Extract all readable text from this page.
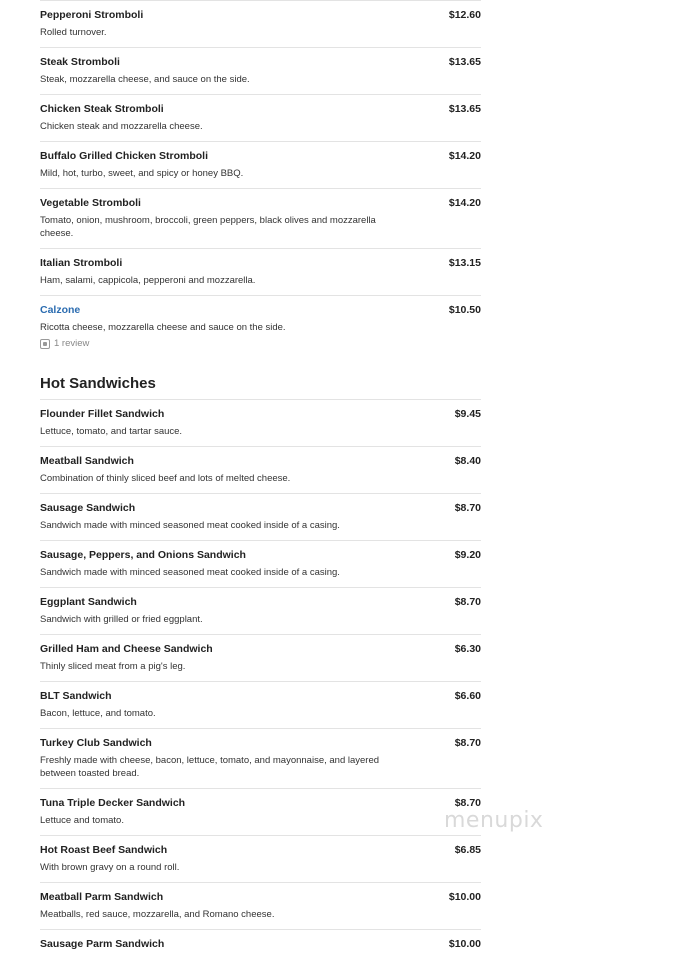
Pepperoni Stromboli	$12.60
Rolled turnover.
Steak Stromboli	$13.65
Steak, mozzarella cheese, and sauce on the side.
Chicken Steak Stromboli	$13.65
Chicken steak and mozzarella cheese.
Buffalo Grilled Chicken Stromboli	$14.20
Mild, hot, turbo, sweet, and spicy or honey BBQ.
Vegetable Stromboli	$14.20
Tomato, onion, mushroom, broccoli, green peppers, black olives and mozzarella cheese.
Italian Stromboli	$13.15
Ham, salami, cappicola, pepperoni and mozzarella.
Calzone	$10.50
Ricotta cheese, mozzarella cheese and sauce on the side.
1 review
Hot Sandwiches
Flounder Fillet Sandwich	$9.45
Lettuce, tomato, and tartar sauce.
Meatball Sandwich	$8.40
Combination of thinly sliced beef and lots of melted cheese.
Sausage Sandwich	$8.70
Sandwich made with minced seasoned meat cooked inside of a casing.
Sausage, Peppers, and Onions Sandwich	$9.20
Sandwich made with minced seasoned meat cooked inside of a casing.
Eggplant Sandwich	$8.70
Sandwich with grilled or fried eggplant.
Grilled Ham and Cheese Sandwich	$6.30
Thinly sliced meat from a pig's leg.
BLT Sandwich	$6.60
Bacon, lettuce, and tomato.
Turkey Club Sandwich	$8.70
Freshly made with cheese, bacon, lettuce, tomato, and mayonnaise, and layered between toasted bread.
Tuna Triple Decker Sandwich	$8.70
Lettuce and tomato.
Hot Roast Beef Sandwich	$6.85
With brown gravy on a round roll.
Meatball Parm Sandwich	$10.00
Meatballs, red sauce, mozzarella, and Romano cheese.
Sausage Parm Sandwich	$10.00
menupix
